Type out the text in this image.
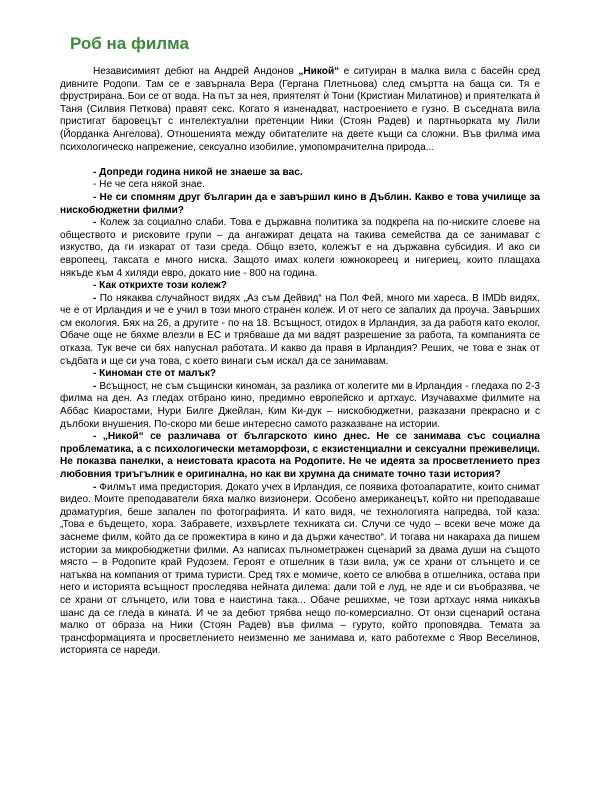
Роб на филма

Независимият дебют на Андрей Андонов „Никой“ е ситуиран в малка вила с басейн сред дивните Родопи. Там се е завърнала Вера (Гергана Плетньова) след смъртта на баща си. Тя е фрустрирана. Бои се от вода. На път за нея, приятелят ѝ Тони (Кристиан Милатинов) и приятелката ѝ Таня (Силвия Петкова) правят секс. Когато я изненадват, настроението е гузно. В съседната вила пристигат баровецът с интелектуални претенции Ники (Стоян Радев) и партньорката му Лили (Йорданка Ангелова). Отношенията между обитателите на двете къщи са сложни. Във филма има психологическо напрежение, сексуално изобилие, умопомрачителна природа...

- Допреди година никой не знаеше за вас.

- Не че сега някой знае.

- Не си спомням друг българин да е завършил кино в Дъблин. Какво е това училище за нискобюджетни филми?

- Колеж за социално слаби. Това е държавна политика за подкрепа на по-ниските слоеве на обществото и рисковите групи – да ангажират децата на такива семейства да се занимават с изкуство, да ги изкарат от тази среда. Общо взето, колежът е на държавна субсидия. И ако си европеец, таксата е много ниска. Защото имах колеги южнокореец и нигериец, които плащаха някъде към 4 хиляди евро, докато ние - 800 на година.

- Как открихте този колеж?

- По някаква случайност видях „Аз съм Дейвид“ на Пол Фей, много ми хареса. В IMDb видях, че е от Ирландия и че е учил в този много странен колеж. И от него се запалих да проуча. Завърших см екология. Бях на 26, а другите - по на 18. Всъщност, отидох в Ирландия, за да работя като еколог. Обаче още не бяхме влезли в ЕС и трябваше да ми вадят разрешение за работа, та компанията се отказа. Тук вече си бях напуснал работата. И какво да правя в Ирландия? Реших, че това е знак от съдбата и ще си уча това, с което винаги съм искал да се занимавам.

- Киноман сте от малък?

- Всъщност, не съм същински киноман, за разлика от колегите ми в Ирландия - гледаха по 2-3 филма на ден. Аз гледах отбрано кино, предимно европейско и артхаус. Изучавахме филмите на Аббас Киаростами, Нури Билге Джейлан, Ким Ки-дук – нискобюджетни, разказани прекрасно и с дълбоки внушения. По-скоро ми беше интересно самото разказване на истории.

- „Никой“ се различава от българското кино днес. Не се занимава със социална проблематика, а с психологически метаморфози, с екзистенциални и сексуални преживелици. Не показва панелки, а неистовата красота на Родопите. Не че идеята за просветлението през любовния триъгълник е оригинална, но как ви хрумна да снимате точно тази история?

- Филмът има предистория. Докато учех в Ирландия, се появиха фотоапаратите, които снимат видео. Моите преподаватели бяха малко визионери. Особено американецът, който ни преподаваше драматургия, беше запален по фотографията. И като видя, че технологията напредва, той каза: „Това е бъдещето, хора. Забравете, изхвърлете техниката си. Случи се чудо – всеки вече може да заснеме филм, който да се прожектира в кино и да държи качество“. И тогава ни накараха да пишем истории за микробюджетни филми. Аз написах пълнометражен сценарий за двама души на същото място – в Родопите край Рудозем. Героят е отшелник в тази вила, уж се храни от слънцето и се натъква на компания от трима туристи. Сред тях е момиче, което се влюбва в отшелника, остава при него и историята всъщност проследява нейната дилема: дали той е луд, не яде и си въобразява, че се храни от слънцето, или това е наистина така... Обаче решихме, че този артхаус няма никакъв шанс да се гледа в кината. И че за дебют трябва нещо по-комерсиално. От онзи сценарий остана малко от образа на Ники (Стоян Радев) във филма – гуруто, който проповядва. Темата за трансформацията и просветлението неизменно ме занимава и, като работехме с Явор Веселинов, историята се нареди.
